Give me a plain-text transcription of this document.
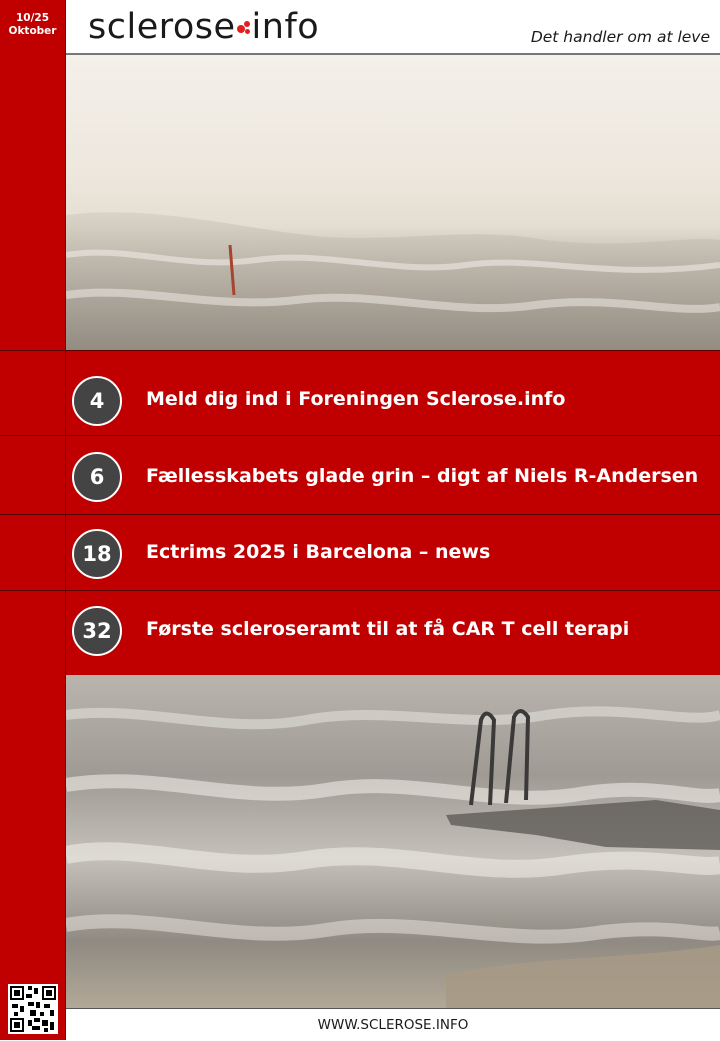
10/25
Oktober sclerose info	Det handler om at leve
4	Meld dig ind i Foreningen Sclerose.info
6	Fællesskabets glade grin – digt af Niels R-Andersen
18	Ectrims 2025 i Barcelona – news
32	Første scleroseramt til at få CAR T cell terapi
WWW.SCLEROSE.INFO
